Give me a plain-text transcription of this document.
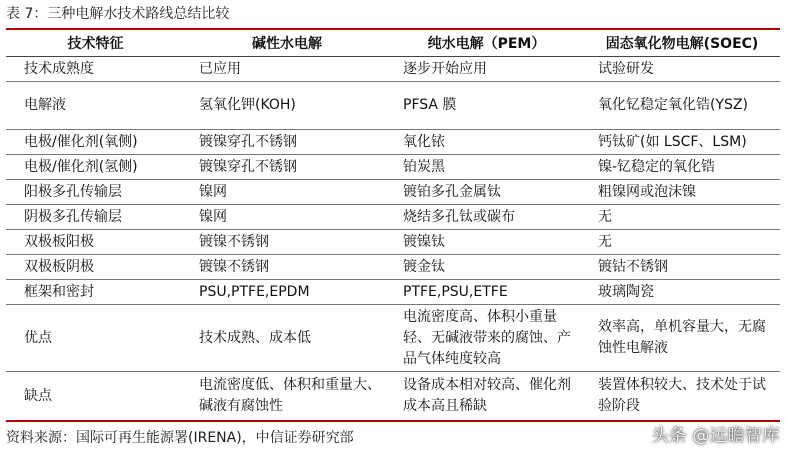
表 7：三种电解水技术路线总结比较
技术特征	碱性水电解	纯水电解（PEM）	固态氧化物电解(SOEC)
技术成熟度	已应用	逐步开始应用	试验研发
电解液	氢氧化钾(KOH)	PFSA 膜	氧化钇稳定氧化锆(YSZ)
电极/催化剂(氧侧)	镀镍穿孔不锈钢	氧化铱	钙钛矿(如 LSCF、LSM)
电极/催化剂(氢侧)	镀镍穿孔不锈钢	铂炭黑	镍-钇稳定的氧化锆
阳极多孔传输层	镍网	镀铂多孔金属钛	粗镍网或泡沫镍
阴极多孔传输层	镍网	烧结多孔钛或碳布	无
双极板阳极	镀镍不锈钢	镀镍钛	无
双极板阴极	镀镍不锈钢	镀金钛	镀钴不锈钢
框架和密封	PSU,PTFE,EPDM	PTFE,PSU,ETFE	玻璃陶瓷
优点	技术成熟、成本低	电流密度高、体积小重量轻、无碱液带来的腐蚀、产品气体纯度较高	效率高，单机容量大，无腐蚀性电解液
缺点	电流密度低、体积和重量大、碱液有腐蚀性	设备成本相对较高、催化剂成本高且稀缺	装置体积较大、技术处于试验阶段
资料来源：国际可再生能源署(IRENA)，中信证券研究部	头条 @远瞻智库
